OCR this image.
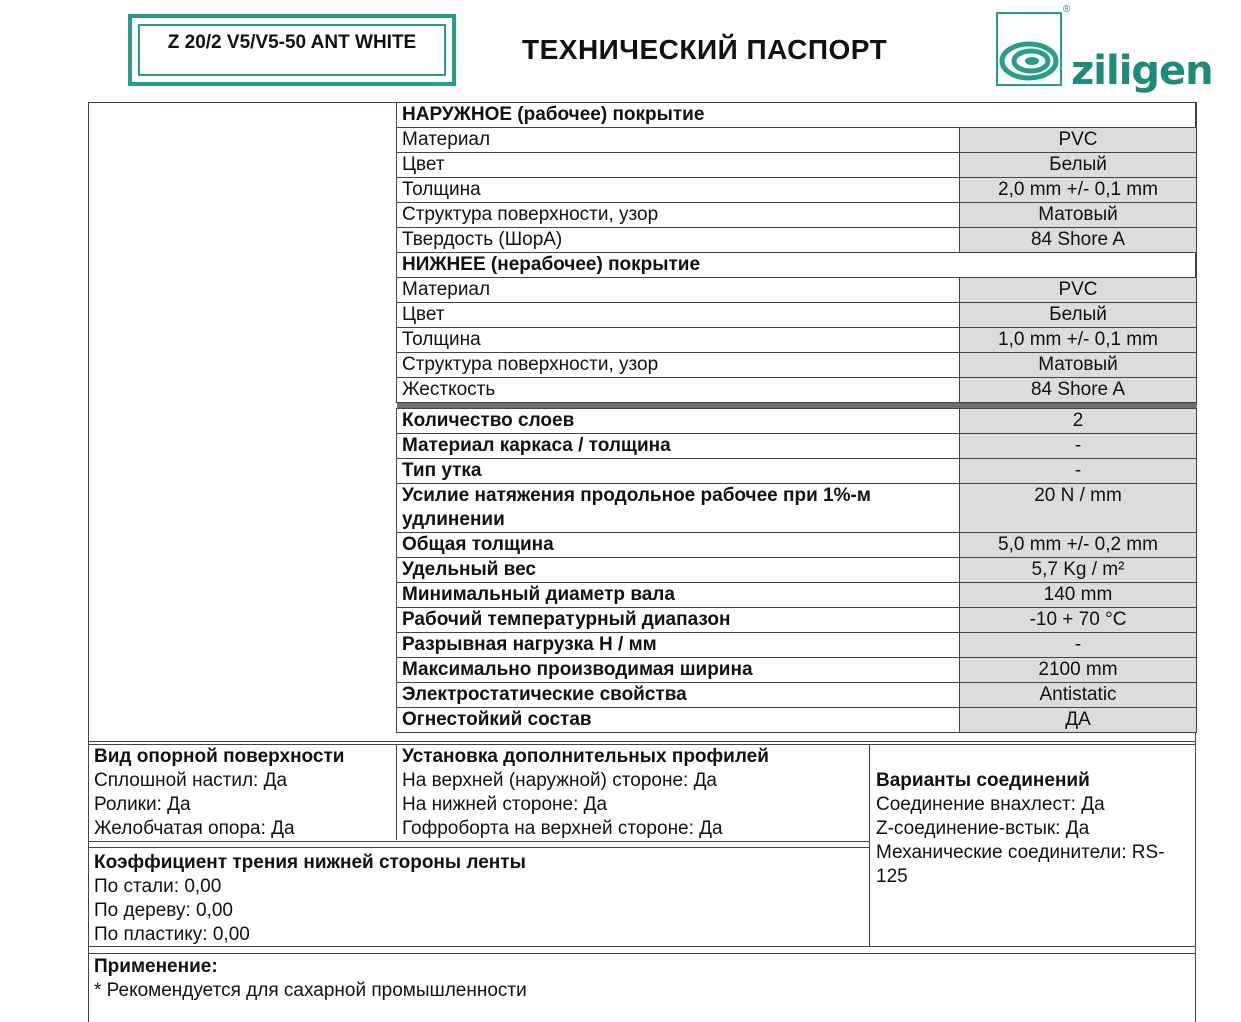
Z 20/2 V5/V5-50 ANT WHITE	ТЕХНИЧЕСКИЙ ПАСПОРТ
®
ziligen
НАРУЖНОЕ (рабочее) покрытие	
Материал	PVC
Цвет	Белый
Толщина	2,0 mm +/- 0,1 mm
Структура поверхности, узор	Матовый
Твердость (ШорА)	84 Shore A
НИЖНЕЕ (нерабочее) покрытие	
Материал	PVC
Цвет	Белый
Толщина	1,0 mm +/- 0,1 mm
Структура поверхности, узор	Матовый
Жесткость	84 Shore A

Количество слоев	2
Материал каркаса / толщина	-
Тип утка	-
Усилие натяжения продольное рабочее при 1%-м удлинении	20 N / mm
Общая толщина	5,0 mm +/- 0,2 mm
Удельный вес	5,7 Kg / m²
Минимальный диаметр вала	140 mm
Рабочий температурный диапазон	-10 + 70 °C
Разрывная нагрузка Н / мм	-
Максимально производимая ширина	2100 mm
Электростатические свойства	Antistatic
Огнестойкий состав	ДА
Вид опорной поверхности
Сплошной настил: Да
Ролики: Да
Желобчатая опора: Да
Установка дополнительных профилей
На верхней (наружной) стороне: Да
На нижней стороне: Да
Гофроборта на верхней стороне: Да
Варианты соединений
Соединение внахлест: Да
Z-соединение-встык: Да
Механические соединители: RS-
125
Коэффициент трения нижней стороны ленты
По стали: 0,00
По дереву: 0,00
По пластику: 0,00
Применение:
* Рекомендуется для сахарной промышленности
